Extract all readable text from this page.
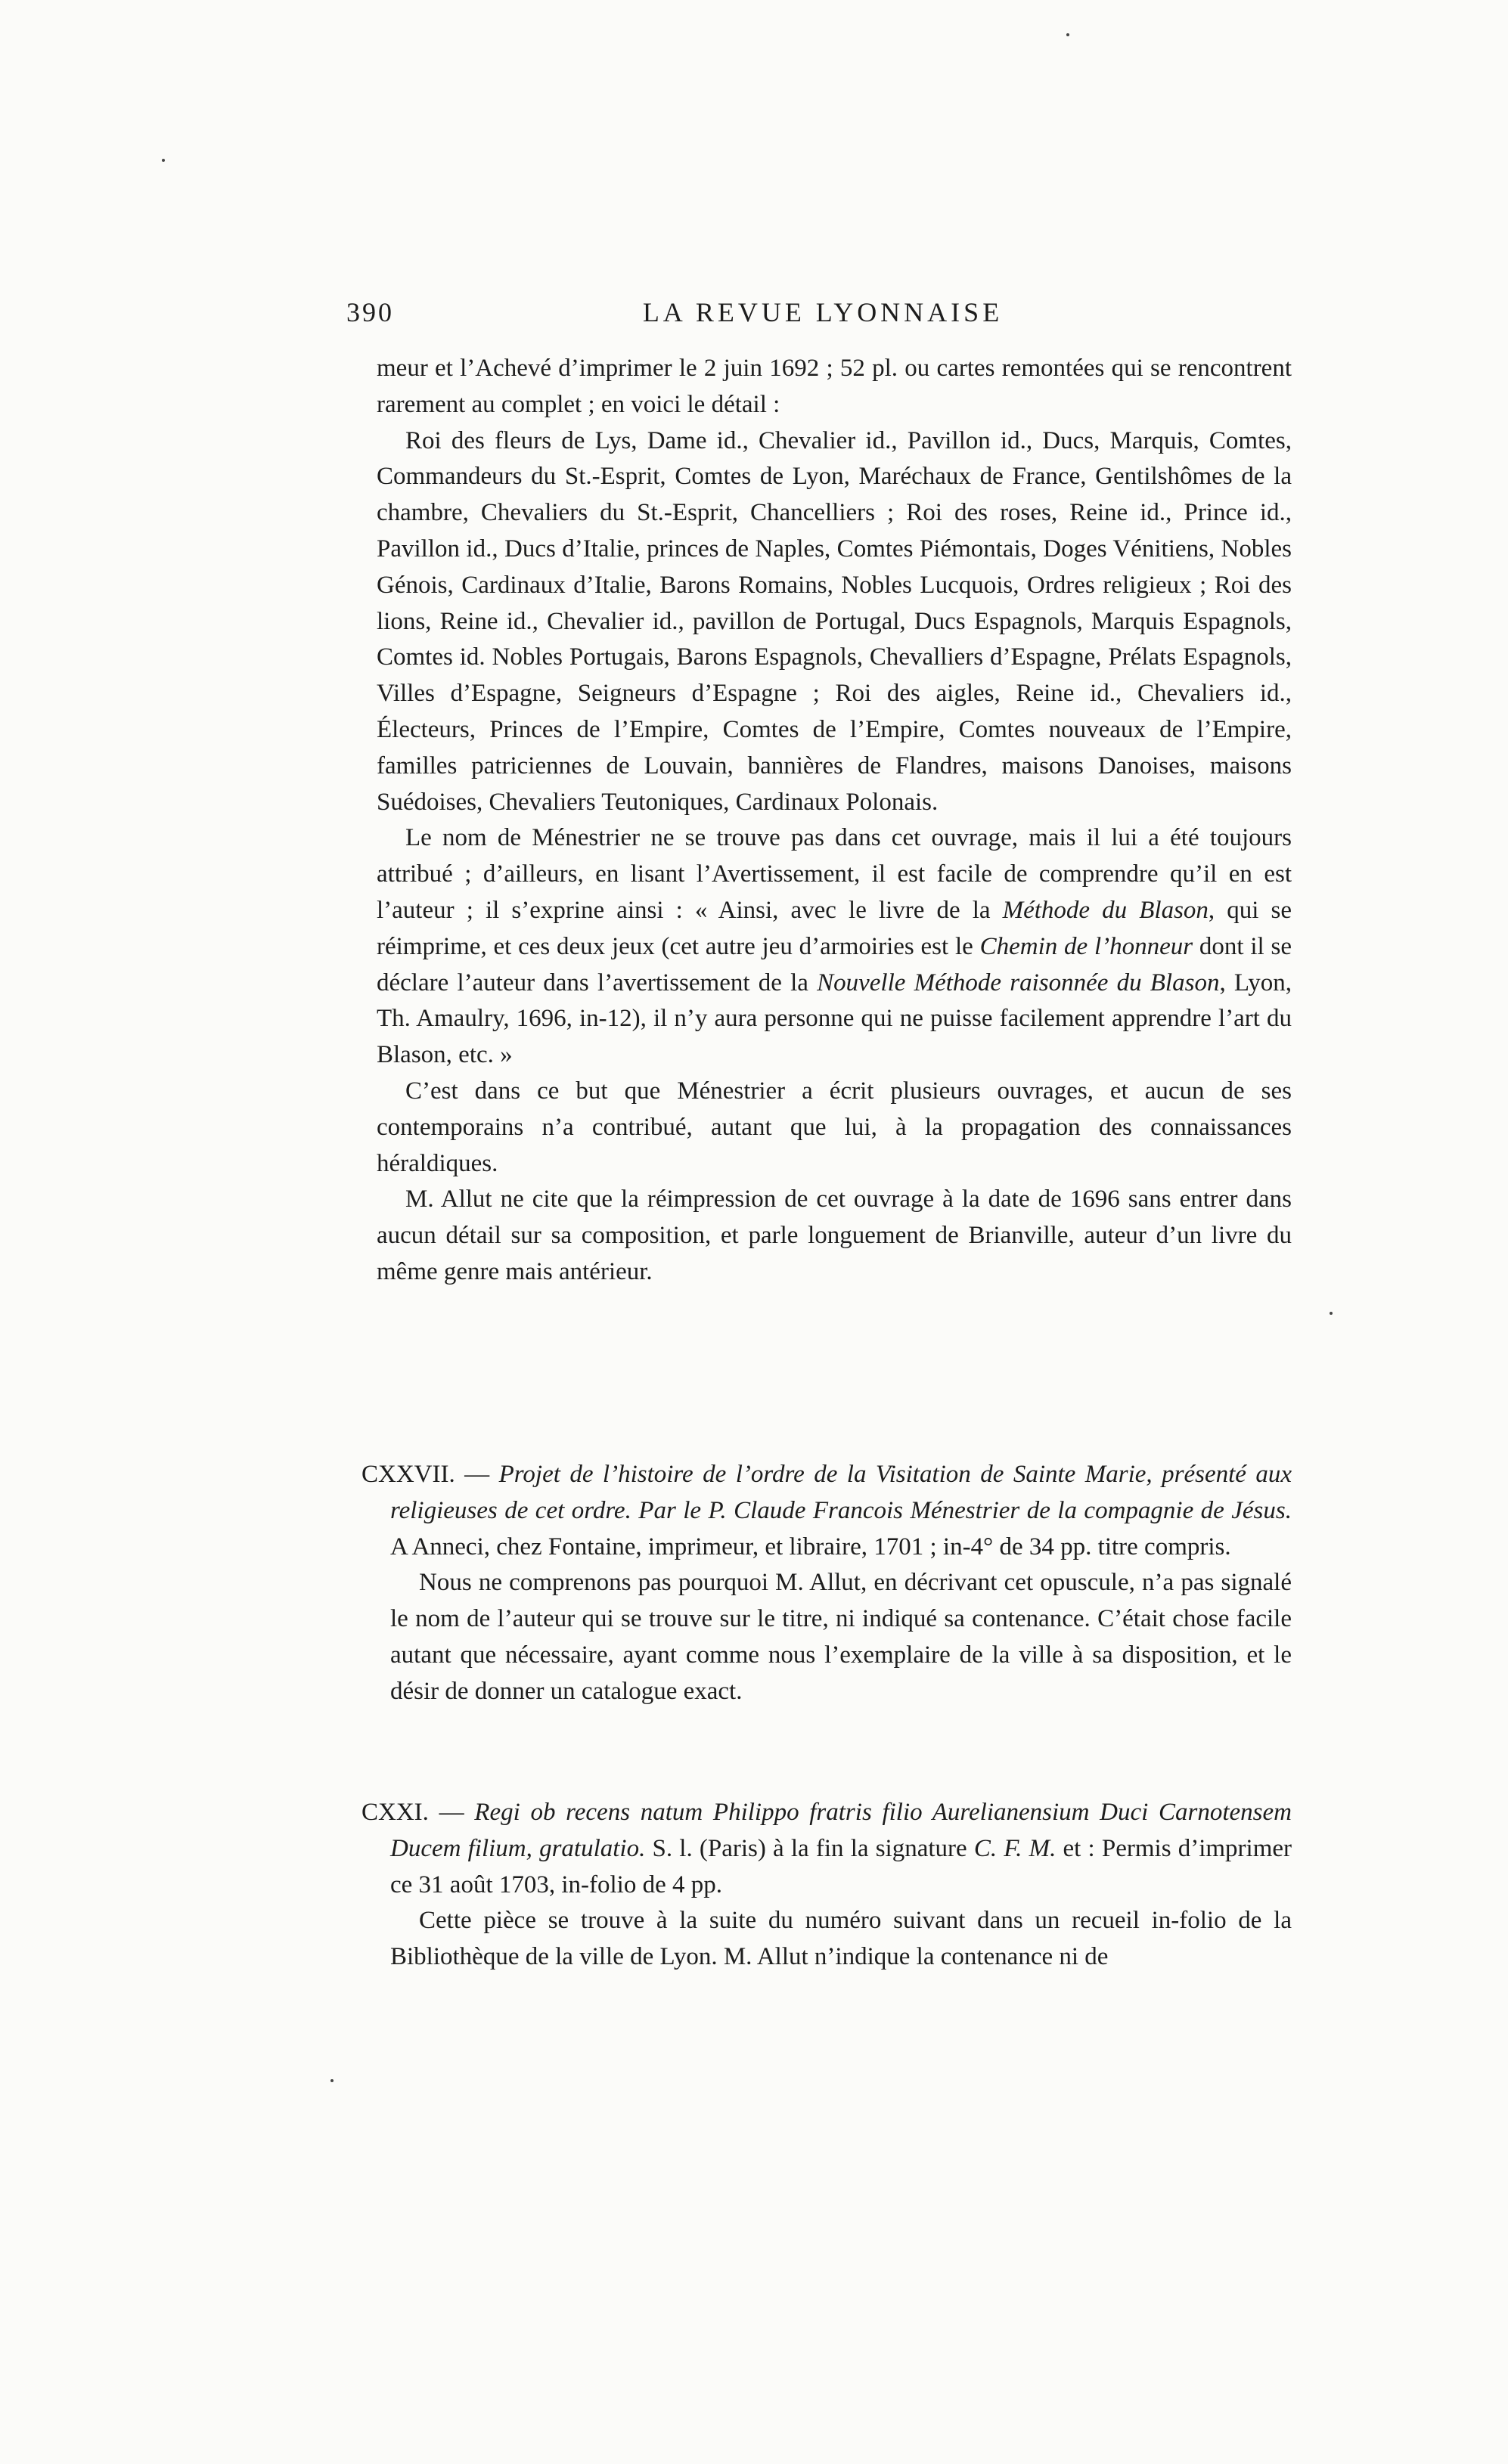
390	LA REVUE LYONNAISE

meur et l’Achevé d’imprimer le 2 juin 1692 ; 52 pl. ou cartes remontées qui se rencontrent rarement au complet ; en voici le détail :

Roi des fleurs de Lys, Dame id., Chevalier id., Pavillon id., Ducs, Marquis, Comtes, Commandeurs du St.-Esprit, Comtes de Lyon, Maréchaux de France, Gentilshômes de la chambre, Chevaliers du St.-Esprit, Chancelliers ; Roi des roses, Reine id., Prince id., Pavillon id., Ducs d’Italie, princes de Naples, Comtes Piémontais, Doges Vénitiens, Nobles Génois, Cardinaux d’Italie, Barons Romains, Nobles Lucquois, Ordres religieux ; Roi des lions, Reine id., Chevalier id., pavillon de Portugal, Ducs Espagnols, Marquis Espagnols, Comtes id. Nobles Portugais, Barons Espagnols, Chevalliers d’Espagne, Prélats Espagnols, Villes d’Espagne, Seigneurs d’Espagne ; Roi des aigles, Reine id., Chevaliers id., Électeurs, Princes de l’Empire, Comtes de l’Empire, Comtes nouveaux de l’Empire, familles patriciennes de Louvain, bannières de Flandres, maisons Danoises, maisons Suédoises, Chevaliers Teutoniques, Cardinaux Polonais.

Le nom de Ménestrier ne se trouve pas dans cet ouvrage, mais il lui a été toujours attribué ; d’ailleurs, en lisant l’Avertissement, il est facile de comprendre qu’il en est l’auteur ; il s’exprine ainsi : « Ainsi, avec le livre de la Méthode du Blason, qui se réimprime, et ces deux jeux (cet autre jeu d’armoiries est le Chemin de l’honneur dont il se déclare l’auteur dans l’avertissement de la Nouvelle Méthode raisonnée du Blason, Lyon, Th. Amaulry, 1696, in-12), il n’y aura personne qui ne puisse facilement apprendre l’art du Blason, etc. »

C’est dans ce but que Ménestrier a écrit plusieurs ouvrages, et aucun de ses contemporains n’a contribué, autant que lui, à la propagation des connaissances héraldiques.

M. Allut ne cite que la réimpression de cet ouvrage à la date de 1696 sans entrer dans aucun détail sur sa composition, et parle longuement de Brianville, auteur d’un livre du même genre mais antérieur.

CXXVII. — Projet de l’histoire de l’ordre de la Visitation de Sainte Marie, présenté aux religieuses de cet ordre. Par le P. Claude Francois Ménestrier de la compagnie de Jésus. A Anneci, chez Fontaine, imprimeur, et libraire, 1701 ; in-4° de 34 pp. titre compris.

Nous ne comprenons pas pourquoi M. Allut, en décrivant cet opuscule, n’a pas signalé le nom de l’auteur qui se trouve sur le titre, ni indiqué sa contenance. C’était chose facile autant que nécessaire, ayant comme nous l’exemplaire de la ville à sa disposition, et le désir de donner un catalogue exact.

CXXI. — Regi ob recens natum Philippo fratris filio Aurelianensium Duci Carnotensem Ducem filium, gratulatio. S. l. (Paris) à la fin la signature C. F. M. et : Permis d’imprimer ce 31 août 1703, in-folio de 4 pp.

Cette pièce se trouve à la suite du numéro suivant dans un recueil in-folio de la Bibliothèque de la ville de Lyon. M. Allut n’indique la contenance ni de
